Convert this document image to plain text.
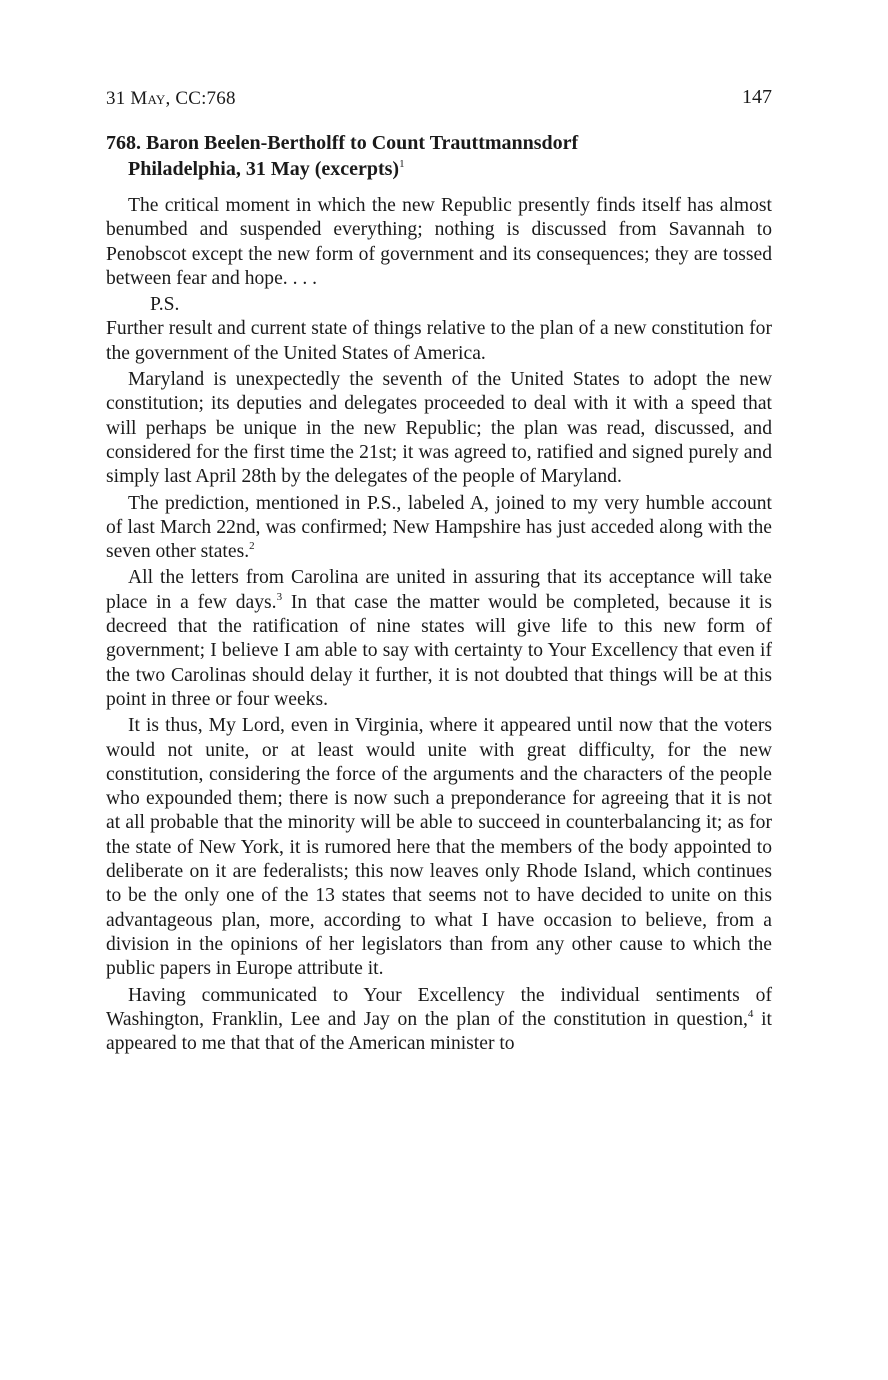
31 May, CC:768	147
768. Baron Beelen-Bertholff to Count Trauttmannsdorf
Philadelphia, 31 May (excerpts)$^1$

The critical moment in which the new Republic presently finds itself has almost benumbed and suspended everything; nothing is discussed from Savannah to Penobscot except the new form of government and its consequences; they are tossed between fear and hope. . . .

P.S.

Further result and current state of things relative to the plan of a new constitution for the government of the United States of America.

Maryland is unexpectedly the seventh of the United States to adopt the new constitution; its deputies and delegates proceeded to deal with it with a speed that will perhaps be unique in the new Republic; the plan was read, discussed, and considered for the first time the 21st; it was agreed to, ratified and signed purely and simply last April 28th by the delegates of the people of Maryland.

The prediction, mentioned in P.S., labeled A, joined to my very humble account of last March 22nd, was confirmed; New Hampshire has just acceded along with the seven other states.$^2$

All the letters from Carolina are united in assuring that its acceptance will take place in a few days.$^3$ In that case the matter would be completed, because it is decreed that the ratification of nine states will give life to this new form of government; I believe I am able to say with certainty to Your Excellency that even if the two Carolinas should delay it further, it is not doubted that things will be at this point in three or four weeks.

It is thus, My Lord, even in Virginia, where it appeared until now that the voters would not unite, or at least would unite with great difficulty, for the new constitution, considering the force of the arguments and the characters of the people who expounded them; there is now such a preponderance for agreeing that it is not at all probable that the minority will be able to succeed in counterbalancing it; as for the state of New York, it is rumored here that the members of the body appointed to deliberate on it are federalists; this now leaves only Rhode Island, which continues to be the only one of the 13 states that seems not to have decided to unite on this advantageous plan, more, according to what I have occasion to believe, from a division in the opinions of her legislators than from any other cause to which the public papers in Europe attribute it.

Having communicated to Your Excellency the individual sentiments of Washington, Franklin, Lee and Jay on the plan of the constitution in question,$^4$ it appeared to me that that of the American minister to
